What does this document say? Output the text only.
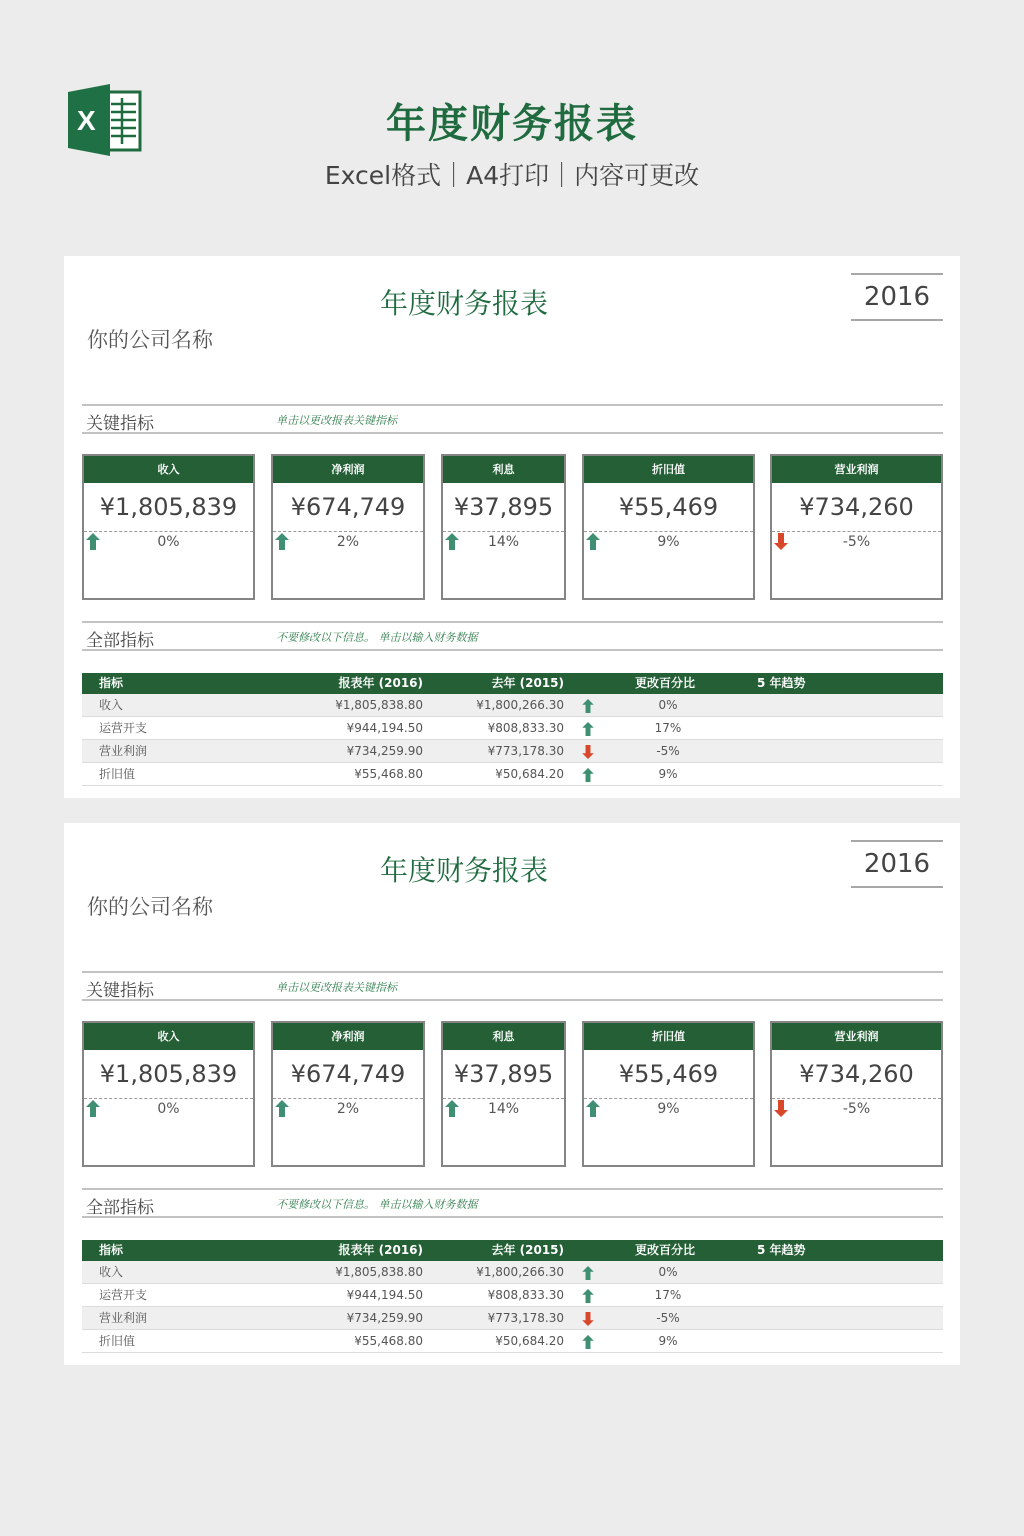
X	年度财务报表
Excel格式｜A4打印｜内容可更改
年度财务报表
你的公司名称
2016
关键指标	单击以更改报表关键指标
收入
¥1,805,839
0%
净利润
¥674,749
2%
利息
¥37,895
14%
折旧值
¥55,469
9%
营业利润
¥734,260
-5%
全部指标	不要修改以下信息。 单击以输入财务数据
指标	报表年 (2016)	去年 (2015)	更改百分比	5 年趋势
收入	¥1,805,838.80	¥1,800,266.30	0%
运营开支	¥944,194.50	¥808,833.30	17%
营业利润	¥734,259.90	¥773,178.30	-5%
折旧值	¥55,468.80	¥50,684.20	9%
年度财务报表
你的公司名称
2016
关键指标	单击以更改报表关键指标
收入
¥1,805,839
0%
净利润
¥674,749
2%
利息
¥37,895
14%
折旧值
¥55,469
9%
营业利润
¥734,260
-5%
全部指标	不要修改以下信息。 单击以输入财务数据
指标	报表年 (2016)	去年 (2015)	更改百分比	5 年趋势
收入	¥1,805,838.80	¥1,800,266.30	0%
运营开支	¥944,194.50	¥808,833.30	17%
营业利润	¥734,259.90	¥773,178.30	-5%
折旧值	¥55,468.80	¥50,684.20	9%
